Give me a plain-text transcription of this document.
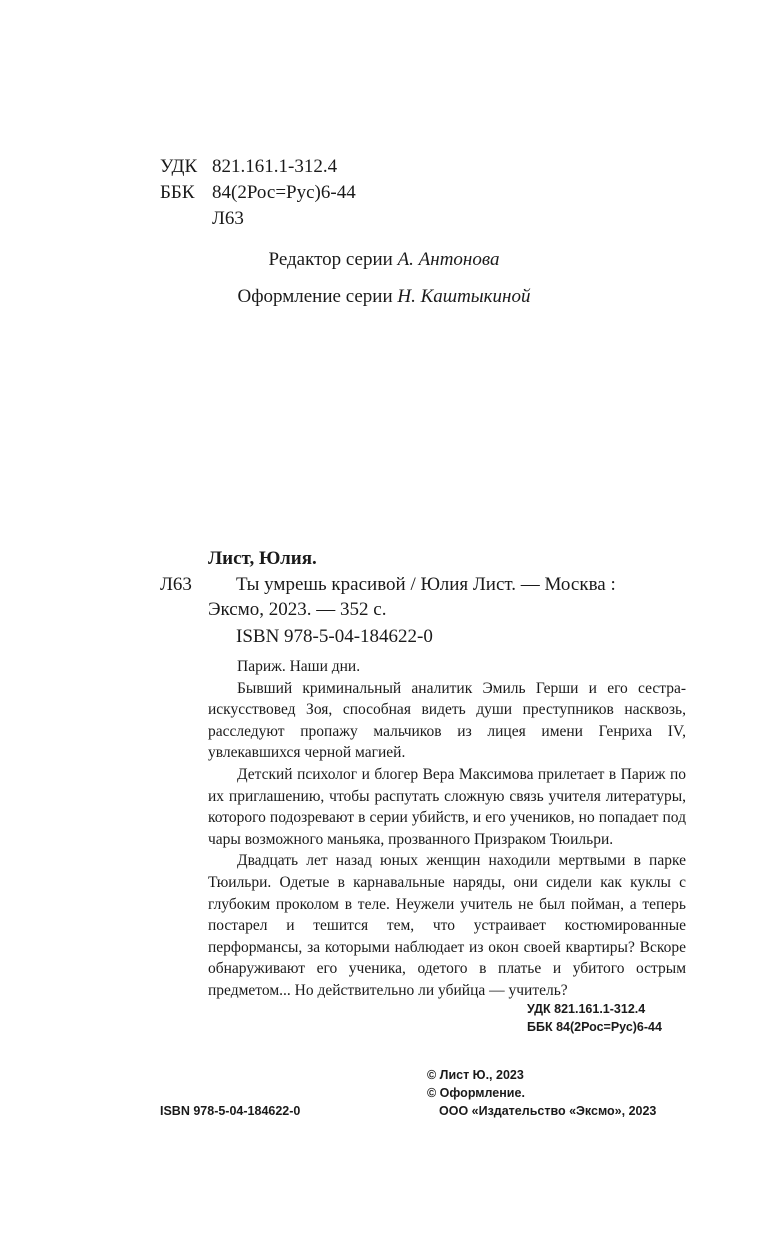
УДК 821.161.1-312.4
ББК 84(2Рос=Рус)6-44
Л63
Редактор серии А. Антонова
Оформление серии Н. Каштыкиной
Лист, Юлия.
Л63 Ты умрешь красивой / Юлия Лист. — Москва :
Эксмо, 2023. — 352 с.
ISBN 978-5-04-184622-0

Париж. Наши дни.

Бывший криминальный аналитик Эмиль Герши и его сестра-искусствовед Зоя, способная видеть души преступников насквозь, расследуют пропажу мальчиков из лицея имени Генриха IV, увлекавшихся черной магией.

Детский психолог и блогер Вера Максимова прилетает в Париж по их приглашению, чтобы распутать сложную связь учителя литературы, которого подозревают в серии убийств, и его учеников, но попадает под чары возможного маньяка, прозванного Призраком Тюильри.

Двадцать лет назад юных женщин находили мертвыми в парке Тюильри. Одетые в карнавальные наряды, они сидели как куклы с глубоким проколом в теле. Неужели учитель не был пойман, а теперь постарел и тешится тем, что устраивает костюмированные перформансы, за которыми наблюдает из окон своей квартиры? Вскоре обнаруживают его ученика, одетого в платье и убитого острым предметом... Но действительно ли убийца — учитель?

УДК 821.161.1-312.4
ББК 84(2Рос=Рус)6-44
© Лист Ю., 2023
© Оформление.
ООО «Издательство «Эксмо», 2023
ISBN 978-5-04-184622-0
